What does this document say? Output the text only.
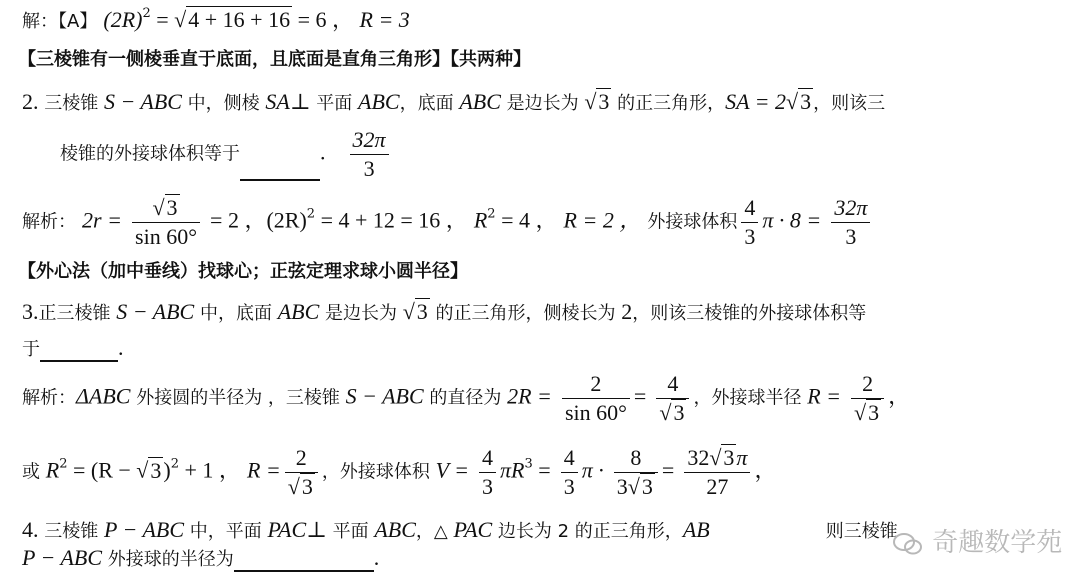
解：【A】 $(2R)^2 = √4 + 16 + 16 = 6$ ， R = 3
【三棱锥有一侧棱垂直于底面，且底面是直角三角形】【共两种】
2. 三棱锥 S − ABC 中，侧棱 SA⊥ 平面 ABC，底面 ABC 是边长为 √3 的正三角形，SA = 2√3 ，则该三
棱锥的外接球体积等于	. $\frac{32\pi}{3}$
解析： $2r = \frac{√3}{\sin 60^\circ} = 2$ ，$(2R)^2 = 4 + 12 = 16$ ， $R^2 = 4$ ， R = 2 ， 外接球体积 $\frac{4}{3}$ $\pi \cdot 8 = \frac{32\pi}{3}$
【外心法（加中垂线）找球心；正弦定理求球小圆半径】
3.正三棱锥 S − ABC 中，底面 ABC 是边长为 √3 的正三角形，侧棱长为 2，则该三棱锥的外接球体积等
于	.
解析：ΔABC 外接圆的半径为 ，三棱锥 S − ABC 的直径为 $2R = \frac{2}{\sin 60^\circ} = \frac{4}{√3}$ ，外接球半径 $R = \frac{2}{√3}$ ，
或 $R^2 = (R - √3)^2 + 1$ ， $R = \frac{2}{√3}$ ，外接球体积 $V = \frac{4}{3} \pi R^3 = \frac{4}{3}$ $\pi \cdot \frac{8}{3√3} = \frac{32√3\pi}{27}$ ，
4. 三棱锥 P − ABC 中，平面 PAC⊥ 平面 ABC，△ PAC 边长为 2 的正三角形，AB	则三棱锥
P − ABC 外接球的半径为	.	奇趣数学苑
